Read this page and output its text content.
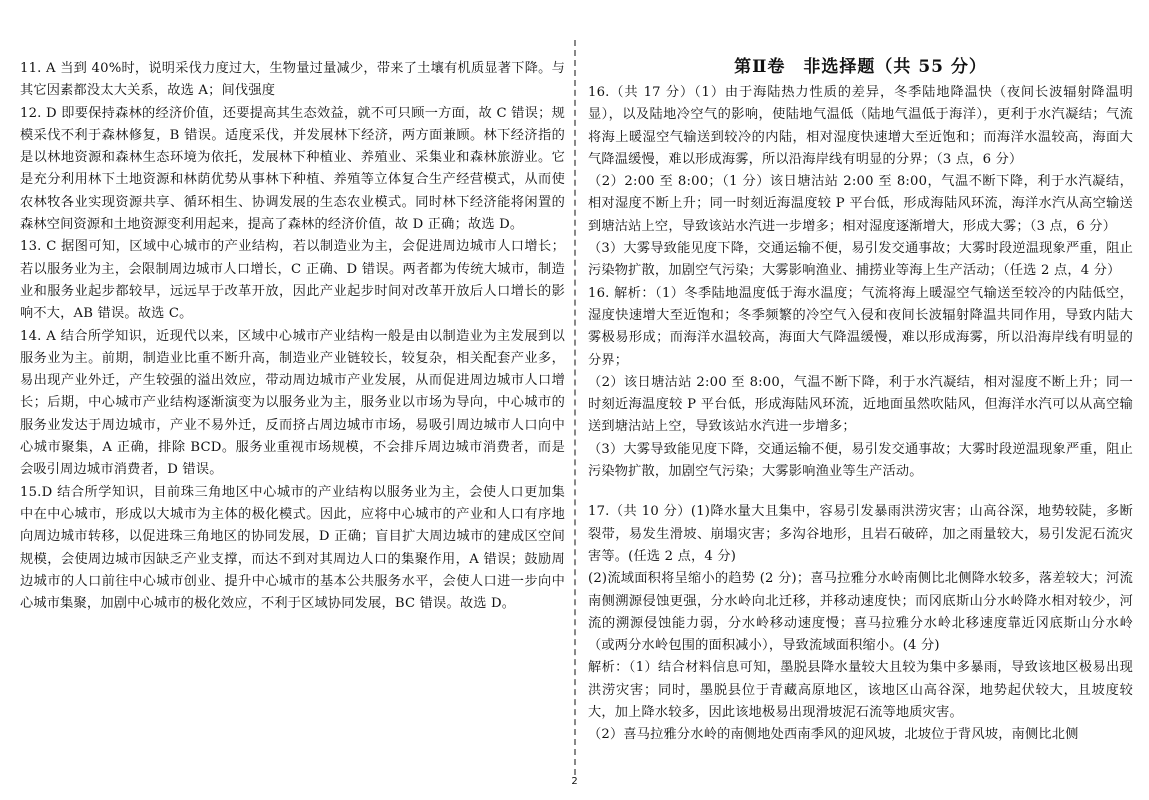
11. A 当到 40%时，说明采伐力度过大，生物量过量减少，带来了土壤有机质显著下降。与其它因素都没太大关系，故选 A；间伐强度

12. D 即要保持森林的经济价值，还要提高其生态效益，就不可只顾一方面，故 C 错误；规模采伐不利于森林修复，B 错误。适度采伐，并发展林下经济，两方面兼顾。林下经济指的是以林地资源和森林生态环境为依托，发展林下种植业、养殖业、采集业和森林旅游业。它是充分利用林下土地资源和林荫优势从事林下种植、养殖等立体复合生产经营模式，从而使农林牧各业实现资源共享、循环相生、协调发展的生态农业模式。同时林下经济能将闲置的森林空间资源和土地资源变利用起来，提高了森林的经济价值，故 D 正确；故选 D。

13. C 据图可知，区域中心城市的产业结构，若以制造业为主，会促进周边城市人口增长；若以服务业为主，会限制周边城市人口增长，C 正确、D 错误。两者都为传统大城市，制造业和服务业起步都较早，远远早于改革开放，因此产业起步时间对改革开放后人口增长的影响不大，AB 错误。故选 C。

14. A 结合所学知识，近现代以来，区域中心城市产业结构一般是由以制造业为主发展到以服务业为主。前期，制造业比重不断升高，制造业产业链较长，较复杂，相关配套产业多，易出现产业外迁，产生较强的溢出效应，带动周边城市产业发展，从而促进周边城市人口增长；后期，中心城市产业结构逐渐演变为以服务业为主，服务业以市场为导向，中心城市的服务业发达于周边城市，产业不易外迁，反而挤占周边城市市场，易吸引周边城市人口向中心城市聚集，A 正确，排除 BCD。服务业重视市场规模，不会排斥周边城市消费者，而是会吸引周边城市消费者，D 错误。

15.D 结合所学知识，目前珠三角地区中心城市的产业结构以服务业为主，会使人口更加集中在中心城市，形成以大城市为主体的极化模式。因此，应将中心城市的产业和人口有序地向周边城市转移，以促进珠三角地区的协同发展，D 正确；盲目扩大周边城市的建成区空间规模，会使周边城市因缺乏产业支撑，而达不到对其周边人口的集聚作用，A 错误；鼓励周边城市的人口前往中心城市创业、提升中心城市的基本公共服务水平，会使人口进一步向中心城市集聚，加剧中心城市的极化效应，不利于区域协同发展，BC 错误。故选 D。

第Ⅱ卷　非选择题（共 55 分）

16.（共 17 分）（1）由于海陆热力性质的差异，冬季陆地降温快（夜间长波辐射降温明显），以及陆地冷空气的影响，使陆地气温低（陆地气温低于海洋），更利于水汽凝结；气流将海上暖湿空气输送到较冷的内陆，相对湿度快速增大至近饱和；而海洋水温较高，海面大气降温缓慢，难以形成海雾，所以沿海岸线有明显的分界；（3 点，6 分）

（2）2:00 至 8:00；（1 分）该日塘沽站 2:00 至 8:00，气温不断下降，利于水汽凝结，相对湿度不断上升；同一时刻近海温度较 P 平台低，形成海陆风环流，海洋水汽从高空输送到塘沽站上空，导致该站水汽进一步增多；相对湿度逐渐增大，形成大雾；（3 点，6 分）

（3）大雾导致能见度下降，交通运输不便，易引发交通事故；大雾时段逆温现象严重，阻止污染物扩散，加剧空气污染；大雾影响渔业、捕捞业等海上生产活动；（任选 2 点，4 分）

16. 解析：（1）冬季陆地温度低于海水温度；气流将海上暖湿空气输送至较冷的内陆低空，湿度快速增大至近饱和；冬季频繁的冷空气入侵和夜间长波辐射降温共同作用，导致内陆大雾极易形成；而海洋水温较高，海面大气降温缓慢，难以形成海雾，所以沿海岸线有明显的分界；

（2）该日塘沽站 2:00 至 8:00，气温不断下降，利于水汽凝结，相对湿度不断上升；同一时刻近海温度较 P 平台低，形成海陆风环流，近地面虽然吹陆风，但海洋水汽可以从高空输送到塘沽站上空，导致该站水汽进一步增多；

（3）大雾导致能见度下降，交通运输不便，易引发交通事故；大雾时段逆温现象严重，阻止污染物扩散，加剧空气污染；大雾影响渔业等生产活动。

17.（共 10 分）(1)降水量大且集中，容易引发暴雨洪涝灾害；山高谷深，地势较陡，多断裂带，易发生滑坡、崩塌灾害；多沟谷地形，且岩石破碎，加之雨量较大，易引发泥石流灾害等。(任选 2 点，4 分)

(2)流域面积将呈缩小的趋势 (2 分)；喜马拉雅分水岭南侧比北侧降水较多，落差较大；河流南侧溯源侵蚀更强，分水岭向北迁移，并移动速度快；而冈底斯山分水岭降水相对较少，河流的溯源侵蚀能力弱，分水岭移动速度慢；喜马拉雅分水岭北移速度靠近冈底斯山分水岭（或两分水岭包围的面积减小），导致流域面积缩小。(4 分)

解析：（1）结合材料信息可知，墨脱县降水量较大且较为集中多暴雨，导致该地区极易出现洪涝灾害；同时，墨脱县位于青藏高原地区，该地区山高谷深，地势起伏较大，且坡度较大，加上降水较多，因此该地极易出现滑坡泥石流等地质灾害。

（2）喜马拉雅分水岭的南侧地处西南季风的迎风坡，北坡位于背风坡，南侧比北侧

2
